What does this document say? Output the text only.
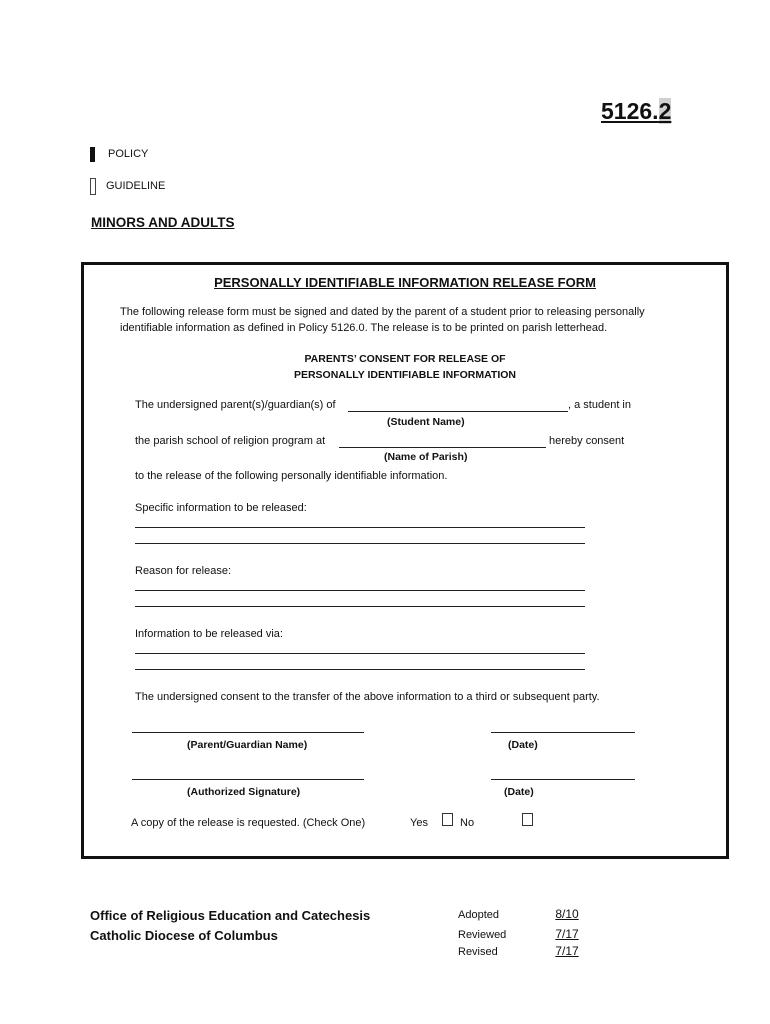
5126.2
POLICY
GUIDELINE
MINORS AND ADULTS
PERSONALLY IDENTIFIABLE INFORMATION RELEASE FORM
The following release form must be signed and dated by the parent of a student prior to releasing personally identifiable information as defined in Policy 5126.0. The release is to be printed on parish letterhead.
PARENTS’ CONSENT FOR RELEASE OF
PERSONALLY IDENTIFIABLE INFORMATION
The undersigned parent(s)/guardian(s) of	, a student in
(Student Name)
the parish school of religion program at	hereby consent
(Name of Parish)
to the release of the following personally identifiable information.
Specific information to be released:
Reason for release:
Information to be released via:
The undersigned consent to the transfer of the above information to a third or subsequent party.
(Parent/Guardian Name)	(Date)
(Authorized Signature)	(Date)
A copy of the release is requested. (Check One)	Yes	No
Office of Religious Education and Catechesis
Catholic Diocese of Columbus
Adopted	8/10
Reviewed	7/17
Revised	7/17
